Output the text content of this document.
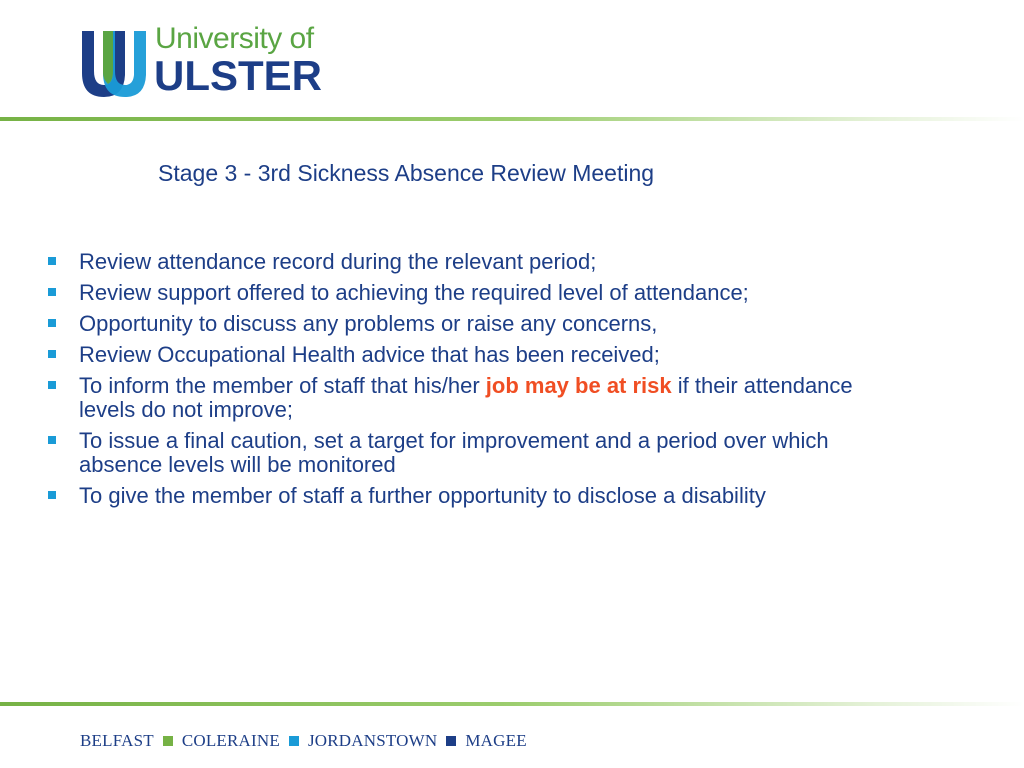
University of
ULSTER
Stage 3 - 3rd Sickness Absence Review Meeting
Review attendance record during the relevant period;
Review support offered to achieving the required level of attendance;
Opportunity to discuss any problems or raise any concerns,
Review Occupational Health advice that has been received;
To inform the member of staff that his/her job may be at risk if their attendance levels do not improve;
To issue a final caution, set a target for improvement and a period over which absence levels will be monitored
To give the member of staff a further opportunity to disclose a disability
BELFAST COLERAINE JORDANSTOWN MAGEE
